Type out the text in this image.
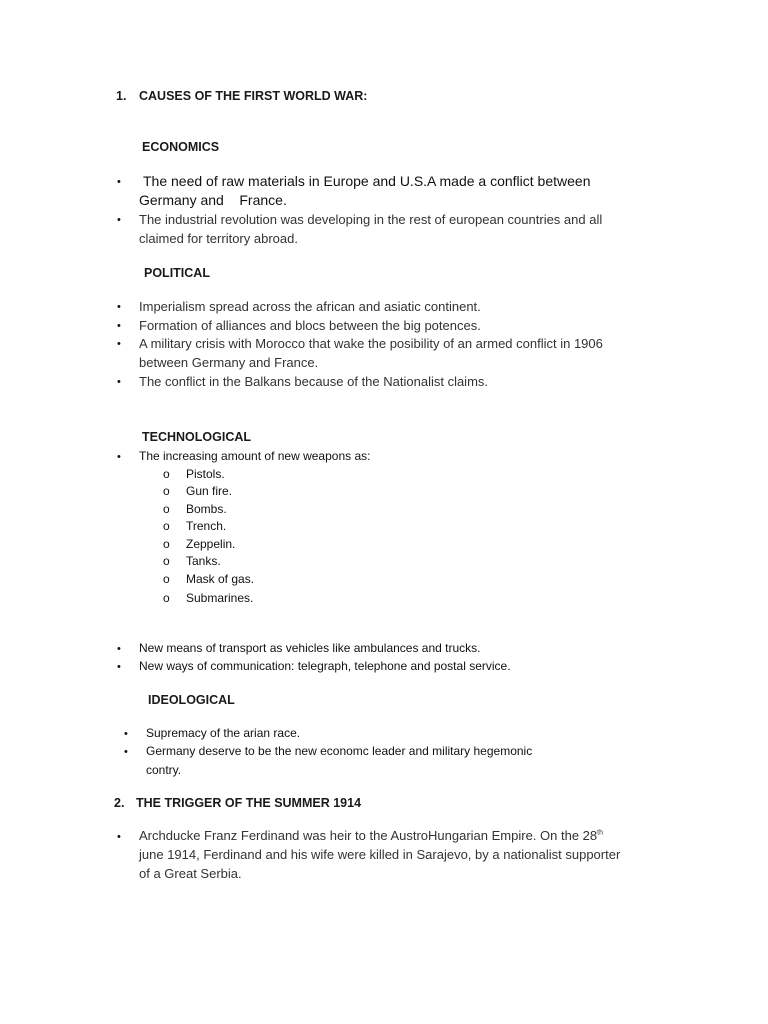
1. CAUSES OF THE FIRST WORLD WAR:
ECONOMICS
• The need of raw materials in Europe and U.S.A made a conflict between
Germany and    France.
• The industrial revolution was developing in the rest of european countries and all
claimed for territory abroad.
POLITICAL
• Imperialism spread across the african and asiatic continent.
• Formation of alliances and blocs between the big potences.
• A military crisis with Morocco that wake the posibility of an armed conflict in 1906
between Germany and France.
• The conflict in the Balkans because of the Nationalist claims.
TECHNOLOGICAL
• The increasing amount of new weapons as:
o Pistols.
o Gun fire.
o Bombs.
o Trench.
o Zeppelin.
o Tanks.
o Mask of gas.
o Submarines.
• New means of transport as vehicles like ambulances and trucks.
• New ways of communication: telegraph, telephone and postal service.
IDEOLOGICAL
• Supremacy of the arian race.
• Germany deserve to be the new economc leader and military hegemonic
contry.
2. THE TRIGGER OF THE SUMMER 1914
• Archducke Franz Ferdinand was heir to the AustroHungarian Empire. On the 28th
june 1914, Ferdinand and his wife were killed in Sarajevo, by a nationalist supporter
of a Great Serbia.
